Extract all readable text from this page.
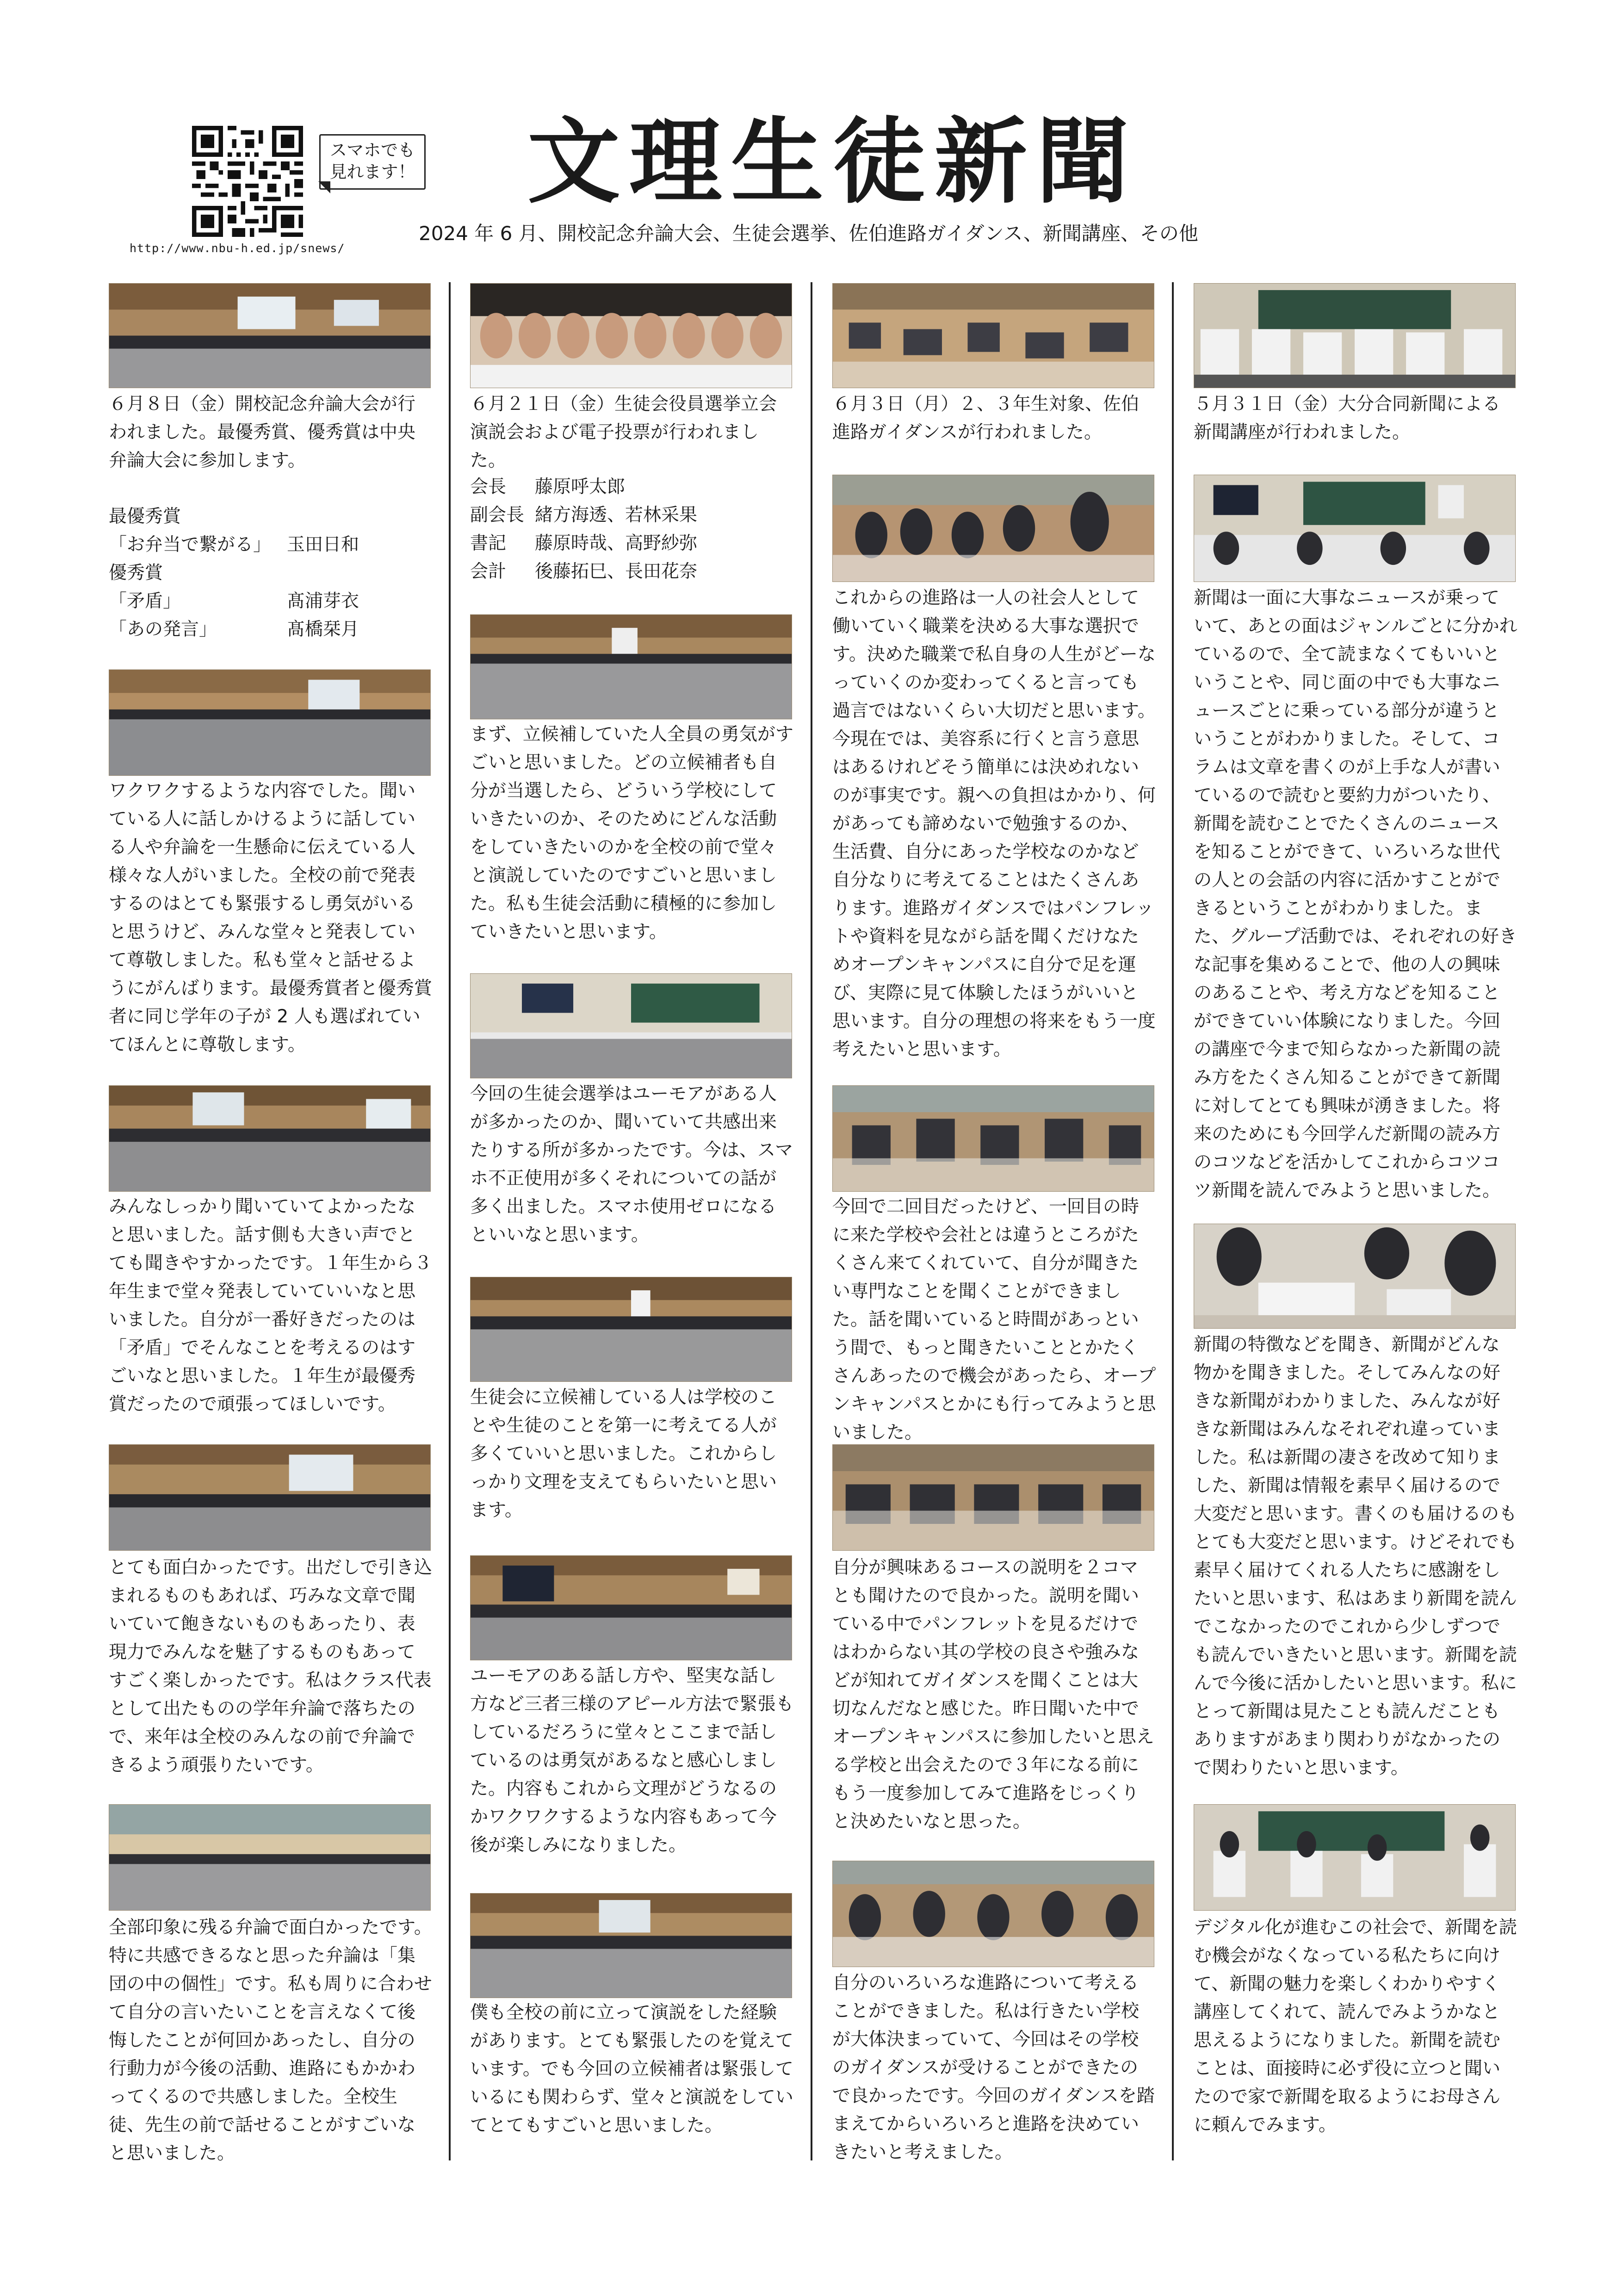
http://www.nbu-h.ed.jp/snews/
スマホでも
見れます！ 文理生徒新聞
2024 年 6 月、開校記念弁論大会、生徒会選挙、佐伯進路ガイダンス、新聞講座、その他
６月８日（金）開校記念弁論大会が行われました。最優秀賞、優秀賞は中央弁論大会に参加します。
最優秀賞
「お弁当で繋がる」 玉田日和
優秀賞
「矛盾」	髙浦芽衣
「あの発言」	髙橋栞月
ワクワクするような内容でした。聞いている人に話しかけるように話している人や弁論を一生懸命に伝えている人様々な人がいました。全校の前で発表するのはとても緊張するし勇気がいると思うけど、みんな堂々と発表していて尊敬しました。私も堂々と話せるようにがんばります。最優秀賞者と優秀賞者に同じ学年の子が 2 人も選ばれていてほんとに尊敬します。
みんなしっかり聞いていてよかったなと思いました。話す側も大きい声でとても聞きやすかったです。１年生から３年生まで堂々発表していていいなと思いました。自分が一番好きだったのは「矛盾」でそんなことを考えるのはすごいなと思いました。１年生が最優秀賞だったので頑張ってほしいです。
とても面白かったです。出だしで引き込まれるものもあれば、巧みな文章で聞いていて飽きないものもあったり、表現力でみんなを魅了するものもあってすごく楽しかったです。私はクラス代表として出たものの学年弁論で落ちたので、来年は全校のみんなの前で弁論できるよう頑張りたいです。
全部印象に残る弁論で面白かったです。特に共感できるなと思った弁論は「集団の中の個性」です。私も周りに合わせて自分の言いたいことを言えなくて後悔したことが何回かあったし、自分の行動力が今後の活動、進路にもかかわってくるので共感しました。全校生徒、先生の前で話せることがすごいなと思いました。
６月２１日（金）生徒会役員選挙立会演説会および電子投票が行われました。
会長	藤原呼太郎
副会長	緒方海透、若林采果
書記	藤原時哉、高野紗弥
会計	後藤拓巳、長田花奈
まず、立候補していた人全員の勇気がすごいと思いました。どの立候補者も自分が当選したら、どういう学校にしていきたいのか、そのためにどんな活動をしていきたいのかを全校の前で堂々と演説していたのですごいと思いました。私も生徒会活動に積極的に参加していきたいと思います。
今回の生徒会選挙はユーモアがある人が多かったのか、聞いていて共感出来たりする所が多かったです。今は、スマホ不正使用が多くそれについての話が多く出ました。スマホ使用ゼロになるといいなと思います。
生徒会に立候補している人は学校のことや生徒のことを第一に考えてる人が多くていいと思いました。これからしっかり文理を支えてもらいたいと思います。
ユーモアのある話し方や、堅実な話し方など三者三様のアピール方法で緊張もしているだろうに堂々とここまで話しているのは勇気があるなと感心しました。内容もこれから文理がどうなるのかワクワクするような内容もあって今後が楽しみになりました。
僕も全校の前に立って演説をした経験があります。とても緊張したのを覚えています。でも今回の立候補者は緊張しているにも関わらず、堂々と演説をしていてとてもすごいと思いました。
６月３日（月）２、３年生対象、佐伯進路ガイダンスが行われました。
これからの進路は一人の社会人として働いていく職業を決める大事な選択です。決めた職業で私自身の人生がどーなっていくのか変わってくると言っても過言ではないくらい大切だと思います。今現在では、美容系に行くと言う意思はあるけれどそう簡単には決めれないのが事実です。親への負担はかかり、何があっても諦めないで勉強するのか、生活費、自分にあった学校なのかなど自分なりに考えてることはたくさんあります。進路ガイダンスではパンフレットや資料を見ながら話を聞くだけなためオープンキャンパスに自分で足を運び、実際に見て体験したほうがいいと思います。自分の理想の将来をもう一度考えたいと思います。
今回で二回目だったけど、一回目の時に来た学校や会社とは違うところがたくさん来てくれていて、自分が聞きたい専門なことを聞くことができました。話を聞いていると時間があっという間で、もっと聞きたいこととかたくさんあったので機会があったら、オープンキャンパスとかにも行ってみようと思いました。
自分が興味あるコースの説明を２コマとも聞けたので良かった。説明を聞いている中でパンフレットを見るだけではわからない其の学校の良さや強みなどが知れてガイダンスを聞くことは大切なんだなと感じた。昨日聞いた中でオープンキャンパスに参加したいと思える学校と出会えたので３年になる前にもう一度参加してみて進路をじっくりと決めたいなと思った。
自分のいろいろな進路について考えることができました。私は行きたい学校が大体決まっていて、今回はその学校のガイダンスが受けることができたので良かったです。今回のガイダンスを踏まえてからいろいろと進路を決めていきたいと考えました。
５月３１日（金）大分合同新聞による新聞講座が行われました。
新聞は一面に大事なニュースが乗っていて、あとの面はジャンルごとに分かれているので、全て読まなくてもいいということや、同じ面の中でも大事なニュースごとに乗っている部分が違うということがわかりました。そして、コラムは文章を書くのが上手な人が書いているので読むと要約力がついたり、新聞を読むことでたくさんのニュースを知ることができて、いろいろな世代の人との会話の内容に活かすことができるということがわかりました。また、グループ活動では、それぞれの好きな記事を集めることで、他の人の興味のあることや、考え方などを知ることができていい体験になりました。今回の講座で今まで知らなかった新聞の読み方をたくさん知ることができて新聞に対してとても興味が湧きました。将来のためにも今回学んだ新聞の読み方のコツなどを活かしてこれからコツコツ新聞を読んでみようと思いました。
新聞の特徴などを聞き、新聞がどんな物かを聞きました。そしてみんなの好きな新聞がわかりました、みんなが好きな新聞はみんなそれぞれ違っていました。私は新聞の凄さを改めて知りました、新聞は情報を素早く届けるので大変だと思います。書くのも届けるのもとても大変だと思います。けどそれでも素早く届けてくれる人たちに感謝をしたいと思います、私はあまり新聞を読んでこなかったのでこれから少しずつでも読んでいきたいと思います。新聞を読んで今後に活かしたいと思います。私にとって新聞は見たことも読んだこともありますがあまり関わりがなかったので関わりたいと思います。
デジタル化が進むこの社会で、新聞を読む機会がなくなっている私たちに向けて、新聞の魅力を楽しくわかりやすく講座してくれて、読んでみようかなと思えるようになりました。新聞を読むことは、面接時に必ず役に立つと聞いたので家で新聞を取るようにお母さんに頼んでみます。
